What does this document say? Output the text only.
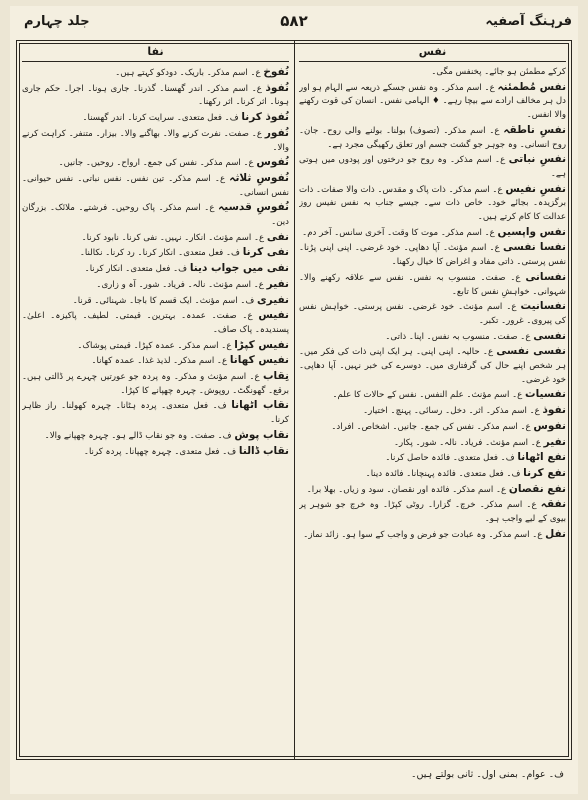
فرہنگ آصفیہ
۵۸۲
جلد چہارم
نفس
کرکے مطمئن ہو جائے۔ پخنفس مگی۔
نفس مُطمئنہ ع۔ اسم مذکر۔ وہ نفس جسکے ذریعہ سے الہام ہو اور دل ہر مخالف ارادے سے بیچا رہے۔ ♦ الہامی نفس۔ انسان کی قوت رکھنے والا انفس۔
نفسِ ناطقہ ع۔ اسم مذکر۔ (تصوف) بولنا۔ بولنے والی روح۔ جان۔ روح انسانی۔ وہ جوہر جو گشت جسم اور تعلق رکھیگی مجرد ہے۔
نفسِ نباتی ع۔ اسم مذکر۔ وہ روح جو درختوں اور پودوں میں ہوتی ہے۔
نفسِ نفیس ع۔ اسم مذکر۔ ذات پاک و مقدس۔ ذات والا صفات۔ ذات برگزیدہ۔ بجائے خود۔ خاص ذات سے۔ جیسے جناب بہ نفس نفیس روز عدالت کا کام کرتے ہیں۔
نفس واپسیں ع۔ اسم مذکر۔ موت کا وقت۔ آخری سانس۔ آخر دم۔
نفسا نفسی ع۔ اسم مؤنث۔ آپا دھاپی۔ خود غرضی۔ اپنی اپنی پڑنا۔ نفس پرستی۔ ذاتی مفاد و اغراض کا خیال رکھنا۔
نفسانی ع۔ صفت۔ منسوب بہ نفس۔ نفس سے علاقہ رکھنے والا۔ شہوانی۔ خواہشِ نفس کا تابع۔
نفسانیت ع۔ اسم مؤنث۔ خود غرضی۔ نفس پرستی۔ خواہش نفس کی پیروی۔ غرور۔ تکبر۔
نفسی ع۔ صفت۔ منسوب بہ نفس۔ اپنا۔ ذاتی۔
نفسی نفسی ع۔ حالیہ۔ اپنی اپنی۔ ہر ایک اپنی ذات کی فکر میں۔ ہر شخص اپنے حال کی گرفتاری میں۔ دوسرے کی خبر نہیں۔ آپا دھاپی۔ خود غرضی۔
نفسیات ع۔ اسم مؤنث۔ علم النفس۔ نفس کے حالات کا علم۔
نفوذ ع۔ اسم مذکر۔ اثر۔ دخل۔ رسائی۔ پہنچ۔ اختیار۔
نفوس ع۔ اسم مذکر۔ نفس کی جمع۔ جانیں۔ اشخاص۔ افراد۔
نفیر ع۔ اسم مؤنث۔ فریاد۔ نالہ۔ شور۔ پکار۔
نفع اٹھانا ف۔ فعل متعدی۔ فائدہ حاصل کرنا۔
نفع کرنا ف۔ فعل متعدی۔ فائدہ پہنچانا۔ فائدہ دینا۔
نفع نقصان ع۔ اسم مذکر۔ فائدہ اور نقصان۔ سود و زیاں۔ بھلا برا۔
نفقہ ع۔ اسم مذکر۔ خرچ۔ گزارا۔ روٹی کپڑا۔ وہ خرچ جو شوہر پر بیوی کے لیے واجب ہو۔
نفل ع۔ اسم مذکر۔ وہ عبادت جو فرض و واجب کے سوا ہو۔ زائد نماز۔
نفا
نُفوخ ع۔ اسم مذکر۔ باریک۔ دودکو کہتے ہیں۔
نُفوذ ع۔ اسم مذکر۔ اندر گھسنا۔ گذرنا۔ جاری ہونا۔ اجرا۔ حکم جاری ہونا۔ اثر کرنا۔ اثر رکھنا۔
نُفوذ کرنا ف۔ فعل متعدی۔ سرایت کرنا۔ اندر گھسنا۔
نُفور ع۔ صفت۔ نفرت کرنے والا۔ بھاگنے والا۔ بیزار۔ متنفر۔ کراہت کرنے والا۔
نُفوس ع۔ اسم مذکر۔ نفس کی جمع۔ ارواح۔ روحیں۔ جانیں۔
نُفوسِ ثلاثہ ع۔ اسم مذکر۔ تین نفس۔ نفس نباتی۔ نفس حیوانی۔ نفس انسانی۔
نُفوسِ قدسیہ ع۔ اسم مذکر۔ پاک روحیں۔ فرشتے۔ ملائک۔ بزرگان دین۔
نفی ع۔ اسم مؤنث۔ انکار۔ نہیں۔ نفی کرنا۔ نابود کرنا۔
نفی کرنا ف۔ فعل متعدی۔ انکار کرنا۔ رد کرنا۔ نکالنا۔
نفی میں جواب دینا ف۔ فعل متعدی۔ انکار کرنا۔
نفیر ع۔ اسم مؤنث۔ نالہ۔ فریاد۔ شور۔ آہ و زاری۔
نفیری ف۔ اسم مؤنث۔ ایک قسم کا باجا۔ شہنائی۔ قرنا۔
نفیس ع۔ صفت۔ عمدہ۔ بہترین۔ قیمتی۔ لطیف۔ پاکیزہ۔ اعلیٰ۔ پسندیدہ۔ پاک صاف۔
نفیس کپڑا ع۔ اسم مذکر۔ عمدہ کپڑا۔ قیمتی پوشاک۔
نفیس کھانا ع۔ اسم مذکر۔ لذیذ غذا۔ عمدہ کھانا۔
نِقاب ع۔ اسم مؤنث و مذکر۔ وہ پردہ جو عورتیں چہرے پر ڈالتی ہیں۔ برقع۔ گھونگٹ۔ روپوش۔ چہرہ چھپانے کا کپڑا۔
نقاب اٹھانا ف۔ فعل متعدی۔ پردہ ہٹانا۔ چہرہ کھولنا۔ راز ظاہر کرنا۔
نقاب پوش ف۔ صفت۔ وہ جو نقاب ڈالے ہو۔ چہرہ چھپانے والا۔
نقاب ڈالنا ف۔ فعل متعدی۔ چہرہ چھپانا۔ پردہ کرنا۔
ف۔ عوام۔ بمنی اول۔ ثانی بولتے ہیں۔
